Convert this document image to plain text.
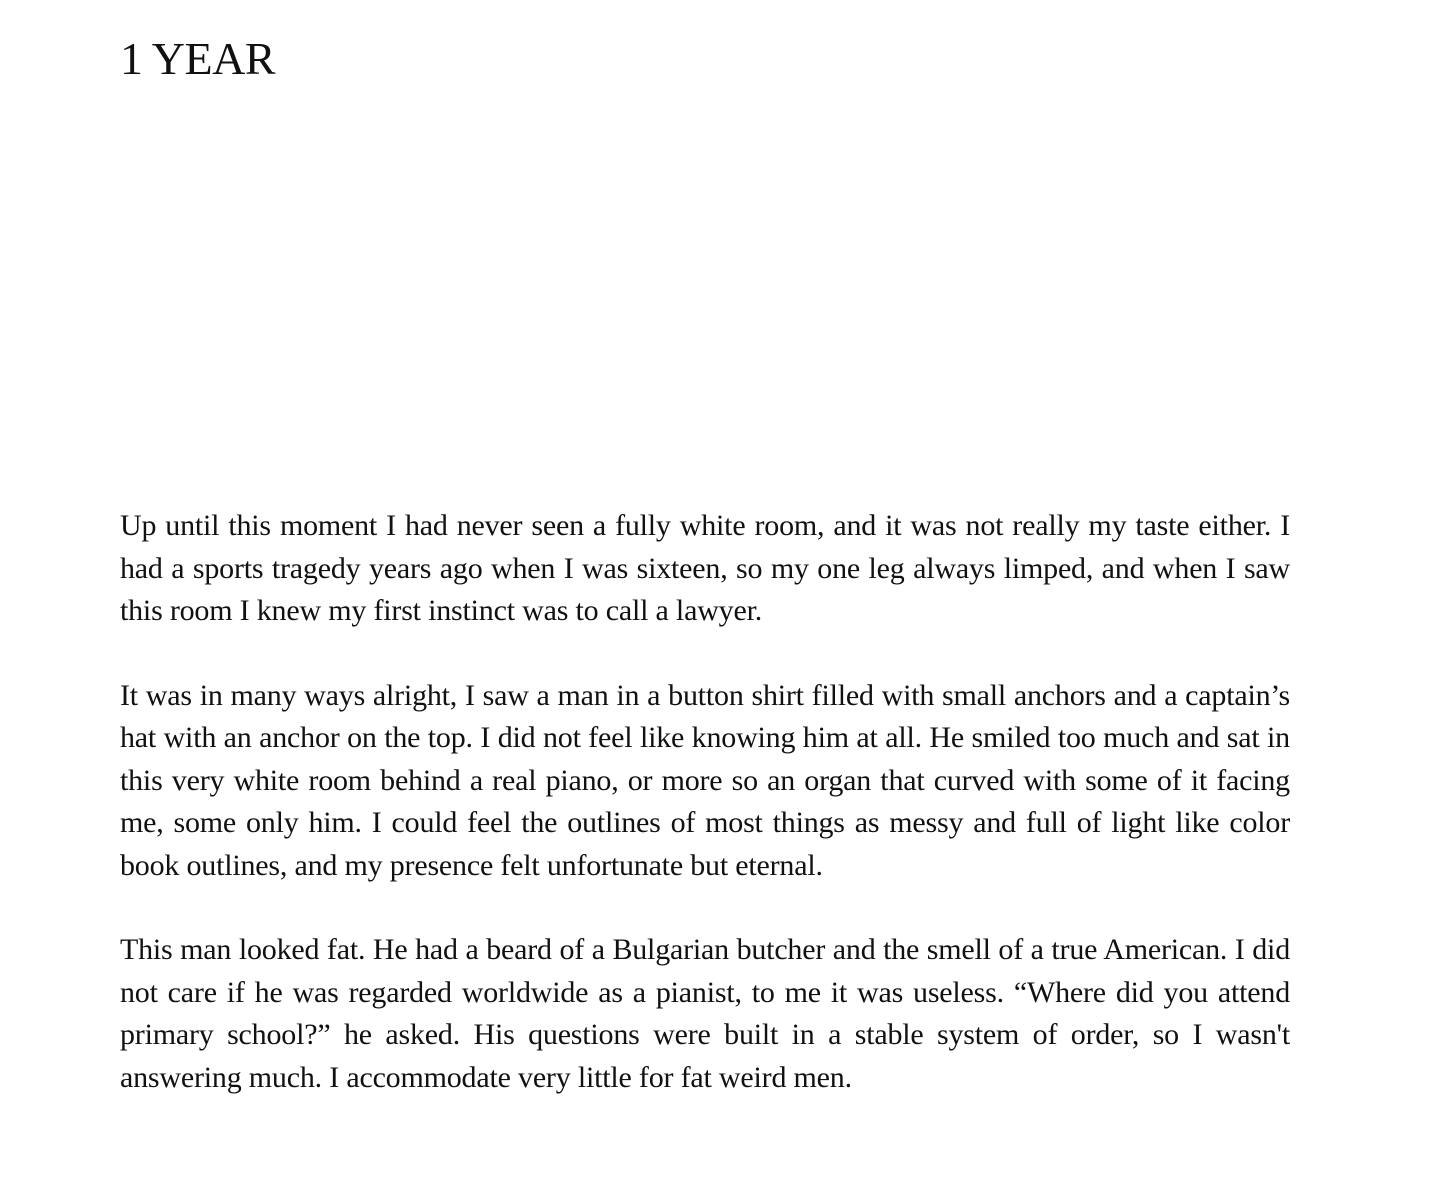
1 YEAR

Up until this moment I had never seen a fully white room, and it was not really my taste either. I had a sports tragedy years ago when I was sixteen, so my one leg always limped, and when I saw this room I knew my first instinct was to call a lawyer.

It was in many ways alright, I saw a man in a button shirt filled with small anchors and a captain’s hat with an anchor on the top. I did not feel like knowing him at all. He smiled too much and sat in this very white room behind a real piano, or more so an organ that curved with some of it facing me, some only him. I could feel the outlines of most things as messy and full of light like color book outlines, and my presence felt unfortunate but eternal.

This man looked fat. He had a beard of a Bulgarian butcher and the smell of a true American. I did not care if he was regarded worldwide as a pianist, to me it was useless. “Where did you attend primary school?” he asked. His questions were built in a stable system of order, so I wasn't answering much. I accommodate very little for fat weird men.
